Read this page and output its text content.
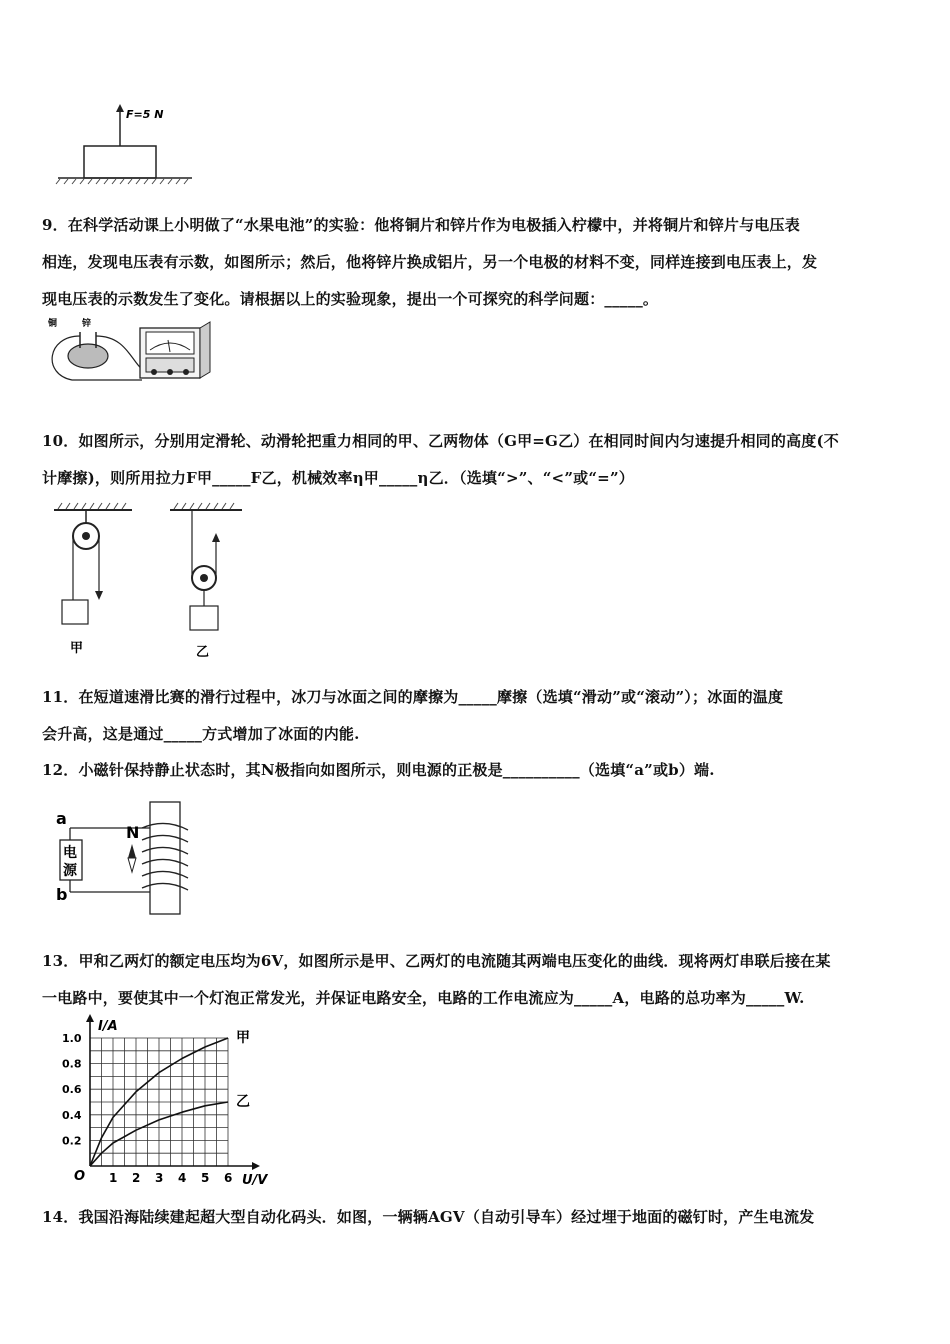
F=5 N
9．在科学活动课上小明做了“水果电池”的实验：他将铜片和锌片作为电极插入柠檬中，并将铜片和锌片与电压表
相连，发现电压表有示数，如图所示；然后，他将锌片换成铝片，另一个电极的材料不变，同样连接到电压表上，发
现电压表的示数发生了变化。请根据以上的实验现象，提出一个可探究的科学问题：_____。
铜	锌
10．如图所示，分别用定滑轮、动滑轮把重力相同的甲、乙两物体（G甲=G乙）在相同时间内匀速提升相同的高度(不
计摩擦)，则所用拉力F甲_____F乙，机械效率η甲_____η乙．（选填“>”、“<”或“=”）
甲	乙
11．在短道速滑比赛的滑行过程中，冰刀与冰面之间的摩擦为_____摩擦（选填“滑动”或“滚动”）；冰面的温度
会升高，这是通过_____方式增加了冰面的内能.
12．小磁针保持静止状态时，其N极指向如图所示，则电源的正极是__________（选填“a”或b）端.
a
b
电
源
N
13．甲和乙两灯的额定电压均为6V，如图所示是甲、乙两灯的电流随其两端电压变化的曲线．现将两灯串联后接在某
一电路中，要使其中一个灯泡正常发光，并保证电路安全，电路的工作电流应为_____A，电路的总功率为_____W.
1 2 3 4 5 6
0.2
0.4
0.6
0.8
1.0	甲
乙
I/A
U/V
O
14．我国沿海陆续建起超大型自动化码头．如图，一辆辆AGV（自动引导车）经过埋于地面的磁钉时，产生电流发
